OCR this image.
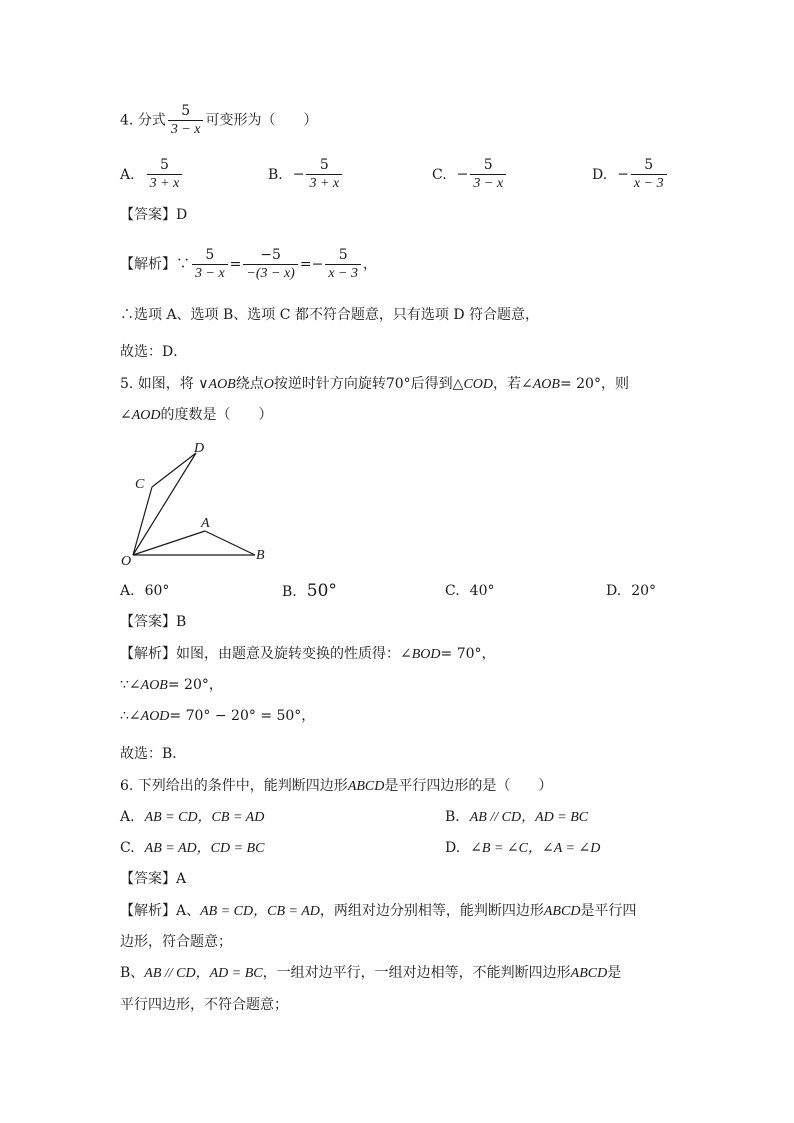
4. 分式 $\frac{5}{3 - x}$ 可变形为（　　）
A. $\frac{5}{3 + x}$	B. − $\frac{5}{3 + x}$	C. − $\frac{5}{3 - x}$	D. − $\frac{5}{x - 3}$
【答案】D
【解析】∵ $\frac{5}{3 - x} = \frac{-5}{-(3 - x)} =- \frac{5}{x - 3}$ ，
∴选项 A、选项 B、选项 C 都不符合题意，只有选项 D 符合题意，
故选：D．
5. 如图，将 ∨AOB绕点O按逆时针方向旋转70°后得到△COD，若∠AOB= 20°，则
∠AOD的度数是（　　）
D
C
A
O	B
A. 60°	B. 50°	C. 40°	D. 20°
【答案】B
【解析】如图，由题意及旋转变换的性质得：∠BOD= 70°，
∵∠AOB= 20°，
∴∠AOD= 70° − 20° = 50°，
故选：B．
6. 下列给出的条件中，能判断四边形ABCD是平行四边形的是（　　）
A. AB = CD，CB = AD	B. AB // CD，AD = BC
C. AB = AD，CD = BC	D. ∠B = ∠C，∠A = ∠D
【答案】A
【解析】A、AB = CD，CB = AD，两组对边分别相等，能判断四边形ABCD是平行四
边形，符合题意；
B、AB // CD，AD = BC，一组对边平行，一组对边相等，不能判断四边形ABCD是
平行四边形，不符合题意；
